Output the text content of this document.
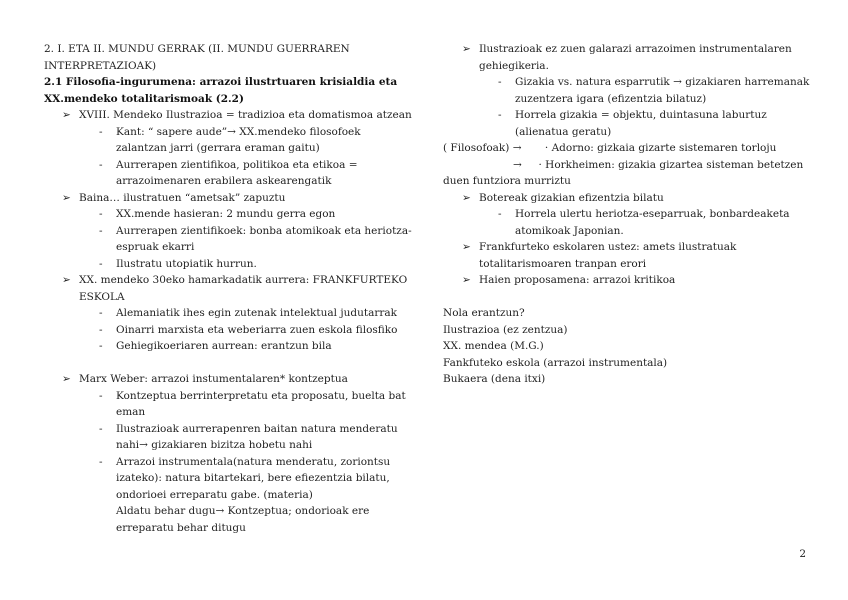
2. I. ETA II. MUNDU GERRAK (II. MUNDU GUERRAREN INTERPRETAZIOAK)
2.1 Filosofia-ingurumena: arrazoi ilustrtuaren krisialdia eta XX.mendeko totalitarismoak (2.2)
➢ XVIII. Mendeko Ilustrazioa = tradizioa eta domatismoa atzean
- Kant: “ sapere aude”→ XX.mendeko filosofoek zalantzan jarri (gerrara eraman gaitu)
- Aurrerapen zientifikoa, politikoa eta etikoa = arrazoimenaren erabilera askearengatik
➢ Baina… ilustratuen “ametsak” zapuztu
- XX.mende hasieran: 2 mundu gerra egon
- Aurrerapen zientifikoek: bonba atomikoak eta heriotza-espruak ekarri
- Ilustratu utopiatik hurrun.
➢ XX. mendeko 30eko hamarkadatik aurrera: FRANKFURTEKO ESKOLA
- Alemaniatik ihes egin zutenak intelektual judutarrak
- Oinarri marxista eta weberiarra zuen eskola filosfiko
- Gehiegikoeriaren aurrean: erantzun bila
➢ Marx Weber: arrazoi instumentalaren* kontzeptua
- Kontzeptua berrinterpretatu eta proposatu, buelta bat eman
- Ilustrazioak aurrerapenren baitan natura menderatu nahi→ gizakiaren bizitza hobetu nahi
- Arrazoi instrumentala(natura menderatu, zoriontsu izateko): natura bitartekari, bere efiezentzia bilatu, ondorioei erreparatu gabe. (materia)
Aldatu behar dugu→ Kontzeptua; ondorioak ere erreparatu behar ditugu
➢ Ilustrazioak ez zuen galarazi arrazoimen instrumentalaren gehiegikeria.
- Gizakia vs. natura esparrutik → gizakiaren harremanak zuzentzera igara (efizentzia bilatuz)
- Horrela gizakia = objektu, duintasuna laburtuz (alienatua geratu)
( Filosofoak) →       · Adorno: gizkaia gizarte sistemaren torloju
→     · Horkheimen: gizakia gizartea sisteman betetzen
duen funtziora murriztu
➢ Botereak gizakian efizentzia bilatu
- Horrela ulertu heriotza-eseparruak, bonbardeaketa atomikoak Japonian.
➢ Frankfurteko eskolaren ustez: amets ilustratuak totalitarismoaren tranpan erori
➢ Haien proposamena: arrazoi kritikoa
Nola erantzun?
Ilustrazioa (ez zentzua)
XX. mendea (M.G.)
Fankfuteko eskola (arrazoi instrumentala)
Bukaera (dena itxi)
2
